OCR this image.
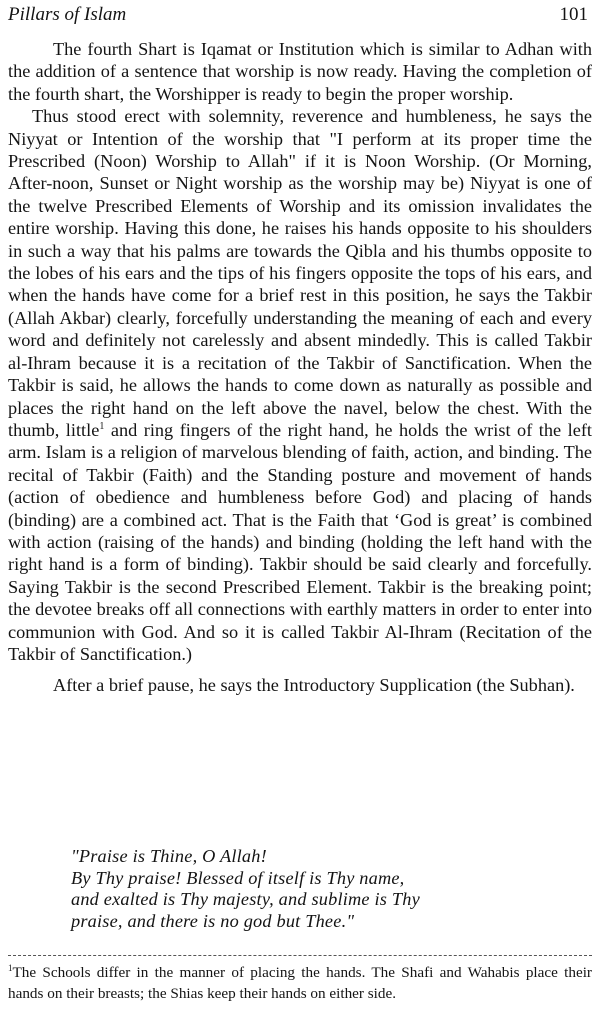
Pillars of Islam	101

The fourth Shart is Iqamat or Institution which is similar to Adhan with the addition of a sentence that worship is now ready. Having the completion of the fourth shart, the Worshipper is ready to begin the proper worship.

Thus stood erect with solemnity, reverence and humbleness, he says the Niyyat or Intention of the worship that "I perform at its proper time the Prescribed (Noon) Worship to Allah" if it is Noon Worship. (Or Morning, After-noon, Sunset or Night worship as the worship may be) Niyyat is one of the twelve Prescribed Elements of Worship and its omission invalidates the entire worship. Having this done, he raises his hands opposite to his shoulders in such a way that his palms are towards the Qibla and his thumbs opposite to the lobes of his ears and the tips of his fingers opposite the tops of his ears, and when the hands have come for a brief rest in this position, he says the Takbir (Allah Akbar) clearly, forcefully understanding the meaning of each and every word and definitely not carelessly and absent mindedly. This is called Takbir al-Ihram because it is a recitation of the Takbir of Sanctification. When the Takbir is said, he allows the hands to come down as naturally as possible and places the right hand on the left above the navel, below the chest. With the thumb, little$^1$ and ring fingers of the right hand, he holds the wrist of the left arm. Islam is a religion of marvelous blending of faith, action, and binding. The recital of Takbir (Faith) and the Standing posture and movement of hands (action of obedience and humbleness before God) and placing of hands (binding) are a combined act. That is the Faith that ‘God is great’ is combined with action (raising of the hands) and binding (holding the left hand with the right hand is a form of binding). Takbir should be said clearly and forcefully. Saying Takbir is the second Prescribed Element. Takbir is the breaking point; the devotee breaks off all connections with earthly matters in order to enter into communion with God. And so it is called Takbir Al-Ihram (Recitation of the Takbir of Sanctification.)

After a brief pause, he says the Introductory Supplication (the Subhan).

"Praise is Thine, O Allah!
By Thy praise! Blessed of itself is Thy name,
and exalted is Thy majesty, and sublime is Thy
praise, and there is no god but Thee."
$^1$The Schools differ in the manner of placing the hands. The Shafi and Wahabis place their hands on their breasts; the Shias keep their hands on either side.
